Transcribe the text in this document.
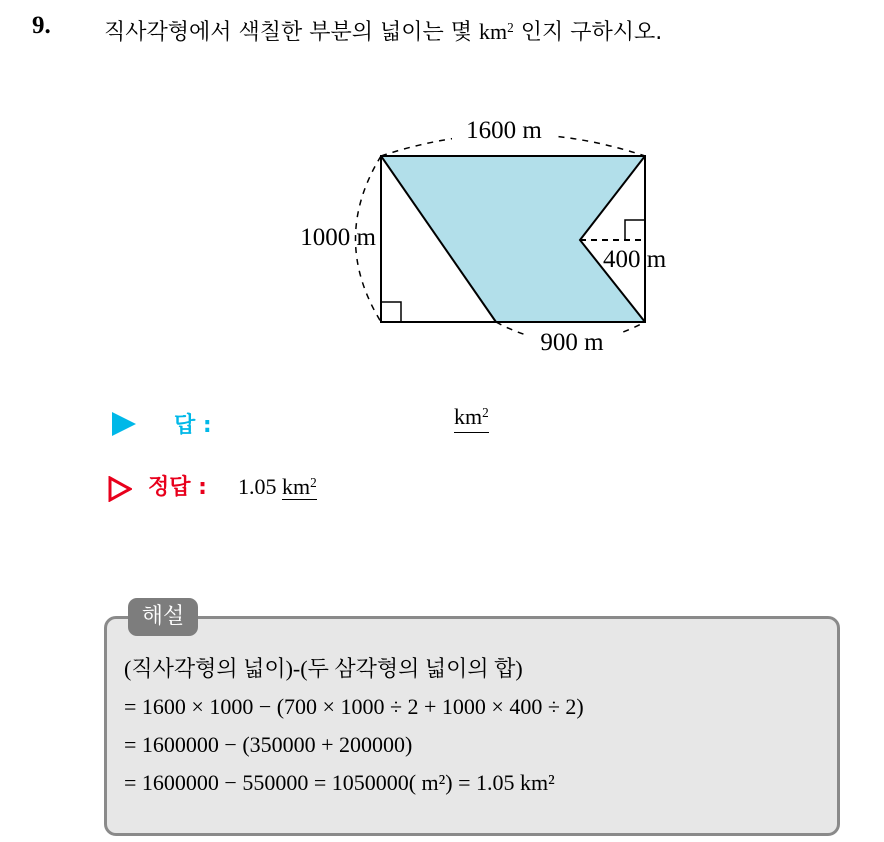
9. 직사각형에서 색칠한 부분의 넓이는 몇 $km^2$ 인지 구하시오.
1600 m
1000 m
400 m
900 m
답 :	$km^2$
정답 : 1.05 $km^2$
해설
(직사각형의 넓이)-(두 삼각형의 넓이의 합)
= 1600 × 1000 − (700 × 1000 ÷ 2 + 1000 × 400 ÷ 2)
= 1600000 − (350000 + 200000)
= 1600000 − 550000 = 1050000( m²) = 1.05 km²
